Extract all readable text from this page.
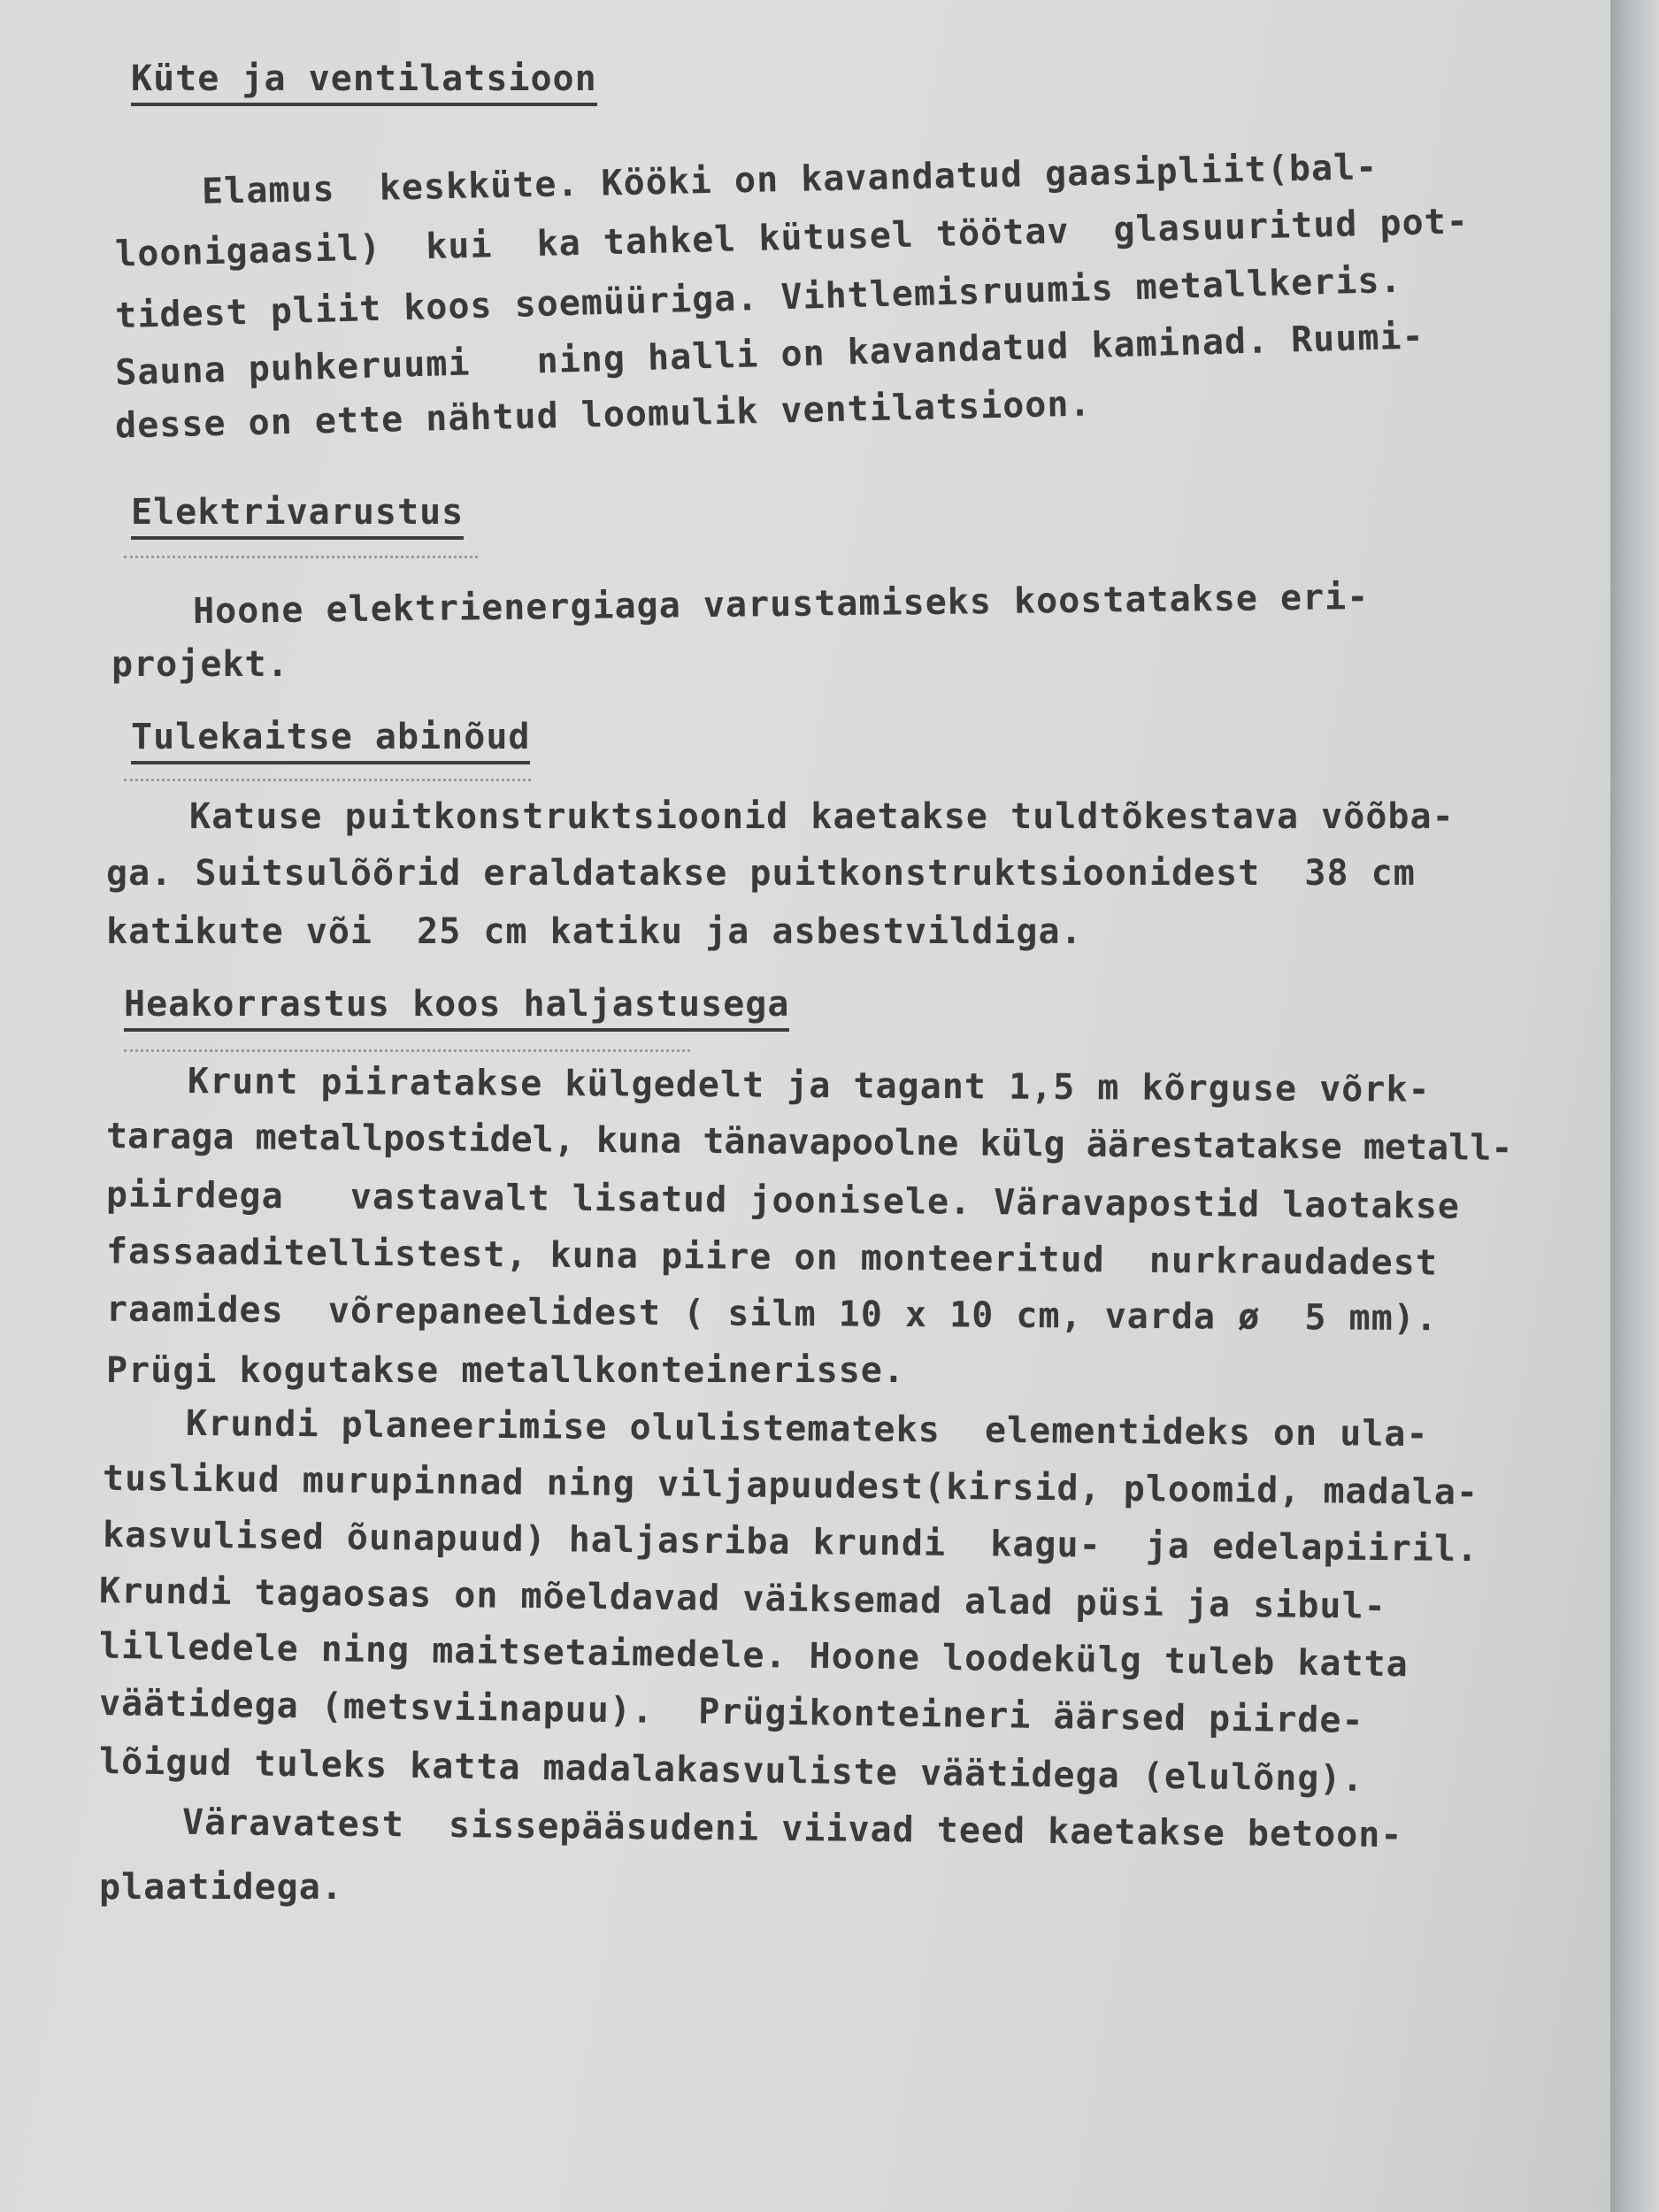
Küte ja ventilatsioon
Elamus  keskküte. Kööki on kavandatud gaasipliit(bal-
loonigaasil)  kui  ka tahkel kütusel töötav  glasuuritud pot-
tidest pliit koos soemüüriga. Vihtlemisruumis metallkeris.
Sauna puhkeruumi   ning halli on kavandatud kaminad. Ruumi-
desse on ette nähtud loomulik ventilatsioon.
Elektrivarustus
Hoone elektrienergiaga varustamiseks koostatakse eri-
projekt.
Tulekaitse abinõud
Katuse puitkonstruktsioonid kaetakse tuldtõkestava võõba-
ga. Suitsulõõrid eraldatakse puitkonstruktsioonidest  38 cm
katikute või  25 cm katiku ja asbestvildiga.
Heakorrastus koos haljastusega
Krunt piiratakse külgedelt ja tagant 1,5 m kõrguse võrk-
taraga metallpostidel, kuna tänavapoolne külg äärestatakse metall-
piirdega   vastavalt lisatud joonisele. Väravapostid laotakse
fassaaditellistest, kuna piire on monteeritud  nurkraudadest
raamides  võrepaneelidest ( silm 10 x 10 cm, varda ø  5 mm).
Prügi kogutakse metallkonteinerisse.
Krundi planeerimise olulistemateks  elementideks on ula-
tuslikud murupinnad ning viljapuudest(kirsid, ploomid, madala-
kasvulised õunapuud) haljasriba krundi  kagu-  ja edelapiiril.
Krundi tagaosas on mõeldavad väiksemad alad püsi ja sibul-
lilledele ning maitsetaimedele. Hoone loodekülg tuleb katta
väätidega (metsviinapuu).  Prügikonteineri äärsed piirde-
lõigud tuleks katta madalakasvuliste väätidega (elulõng).
Väravatest  sissepääsudeni viivad teed kaetakse betoon-
plaatidega.
